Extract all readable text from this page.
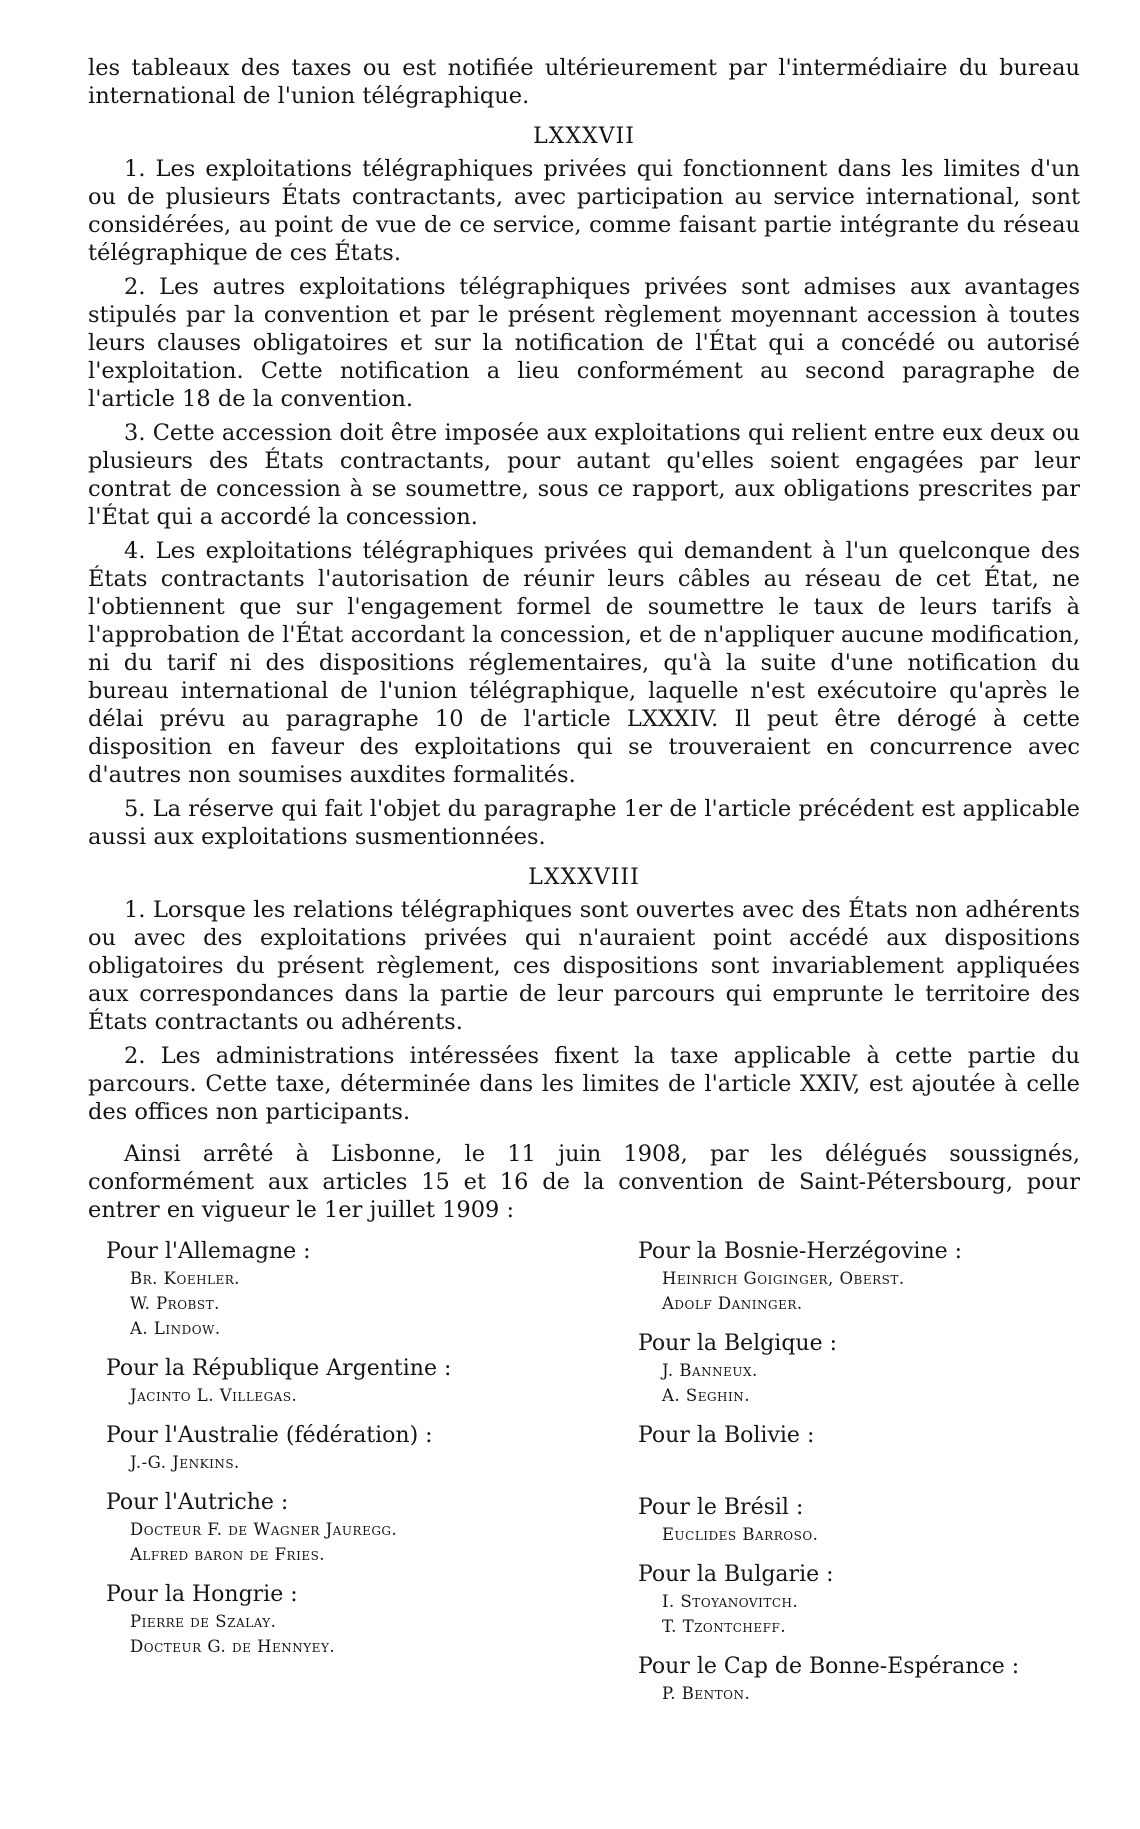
les tableaux des taxes ou est notifiée ultérieurement par l'intermédiaire du bureau international de l'union télégraphique.

LXXXVII

1. Les exploitations télégraphiques privées qui fonctionnent dans les limites d'un ou de plusieurs États contractants, avec participation au service international, sont considérées, au point de vue de ce service, comme faisant partie intégrante du réseau télégraphique de ces États.

2. Les autres exploitations télégraphiques privées sont admises aux avantages stipulés par la convention et par le présent règlement moyennant accession à toutes leurs clauses obligatoires et sur la notification de l'État qui a concédé ou autorisé l'exploitation. Cette notification a lieu conformément au second paragraphe de l'article 18 de la convention.

3. Cette accession doit être imposée aux exploitations qui relient entre eux deux ou plusieurs des États contractants, pour autant qu'elles soient engagées par leur contrat de concession à se soumettre, sous ce rapport, aux obligations prescrites par l'État qui a accordé la concession.

4. Les exploitations télégraphiques privées qui demandent à l'un quelconque des États contractants l'autorisation de réunir leurs câbles au réseau de cet État, ne l'obtiennent que sur l'engagement formel de soumettre le taux de leurs tarifs à l'approbation de l'État accordant la concession, et de n'appliquer aucune modification, ni du tarif ni des dispositions réglementaires, qu'à la suite d'une notification du bureau international de l'union télégraphique, laquelle n'est exécutoire qu'après le délai prévu au paragraphe 10 de l'article LXXXIV. Il peut être dérogé à cette disposition en faveur des exploitations qui se trouveraient en concurrence avec d'autres non soumises auxdites formalités.

5. La réserve qui fait l'objet du paragraphe 1er de l'article précédent est applicable aussi aux exploitations susmentionnées.

LXXXVIII

1. Lorsque les relations télégraphiques sont ouvertes avec des États non adhérents ou avec des exploitations privées qui n'auraient point accédé aux dispositions obligatoires du présent règlement, ces dispositions sont invariablement appliquées aux correspondances dans la partie de leur parcours qui emprunte le territoire des États contractants ou adhérents.

2. Les administrations intéressées fixent la taxe applicable à cette partie du parcours. Cette taxe, déterminée dans les limites de l'article XXIV, est ajoutée à celle des offices non participants.

Ainsi arrêté à Lisbonne, le 11 juin 1908, par les délégués soussignés, conformément aux articles 15 et 16 de la convention de Saint-Pétersbourg, pour entrer en vigueur le 1er juillet 1909 :

Pour l'Allemagne :

Br. Koehler.
W. Probst.
A. Lindow.

Pour la République Argentine :

Jacinto L. Villegas.

Pour l'Australie (fédération) :

J.-G. Jenkins.

Pour l'Autriche :

Docteur F. de Wagner Jauregg.
Alfred baron de Fries.

Pour la Hongrie :

Pierre de Szalay.
Docteur G. de Hennyey.

Pour la Bosnie-Herzégovine :

Heinrich Goiginger, Oberst.
Adolf Daninger.

Pour la Belgique :

J. Banneux.
A. Seghin.

Pour la Bolivie :

Pour le Brésil :

Euclides Barroso.

Pour la Bulgarie :

I. Stoyanovitch.
T. Tzontcheff.

Pour le Cap de Bonne-Espérance :

P. Benton.
